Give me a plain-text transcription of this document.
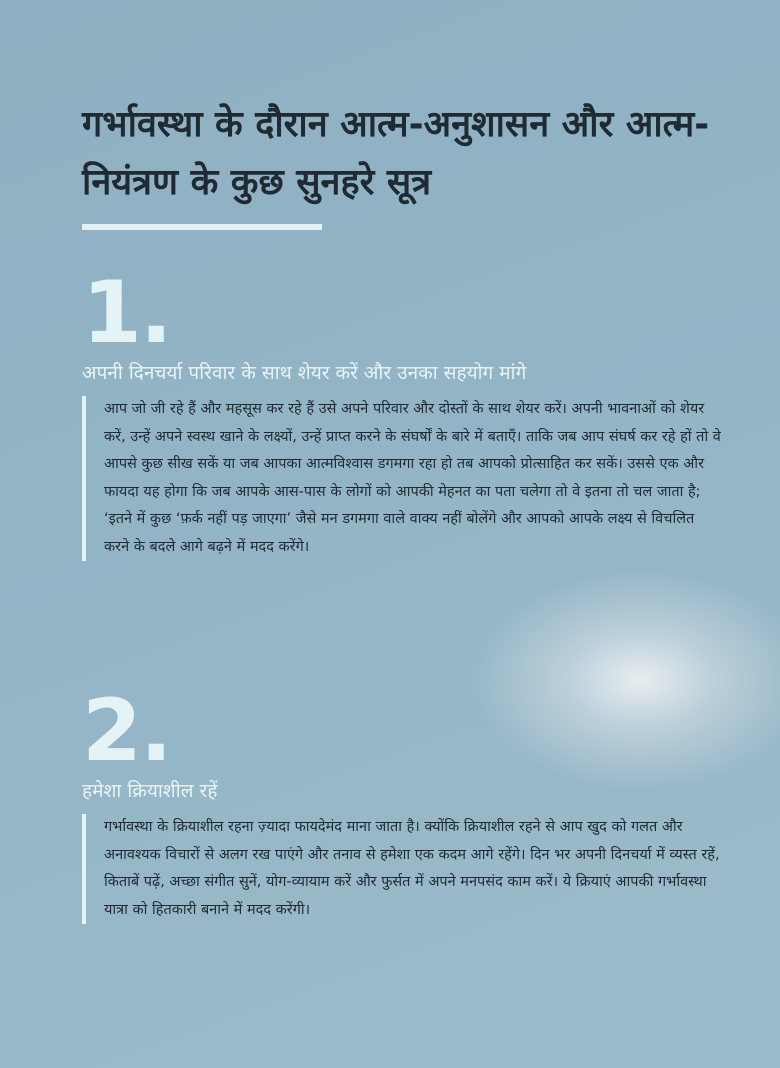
गर्भावस्था के दौरान आत्म-अनुशासन और आत्म-नियंत्रण के कुछ सुनहरे सूत्र
1.
अपनी दिनचर्या परिवार के साथ शेयर करें और उनका सहयोग मांगे
आप जो जी रहे हैं और महसूस कर रहे हैं उसे अपने परिवार और दोस्तों के साथ शेयर करें। अपनी भावनाओं को शेयर करें, उन्हें अपने स्वस्थ खाने के लक्ष्यों, उन्हें प्राप्त करने के संघर्षों के बारे में बताएँ। ताकि जब आप संघर्ष कर रहे हों तो वे आपसे कुछ सीख सकें या जब आपका आत्मविश्वास डगमगा रहा हो तब आपको प्रोत्साहित कर सकें। उससे एक और फायदा यह होगा कि जब आपके आस-पास के लोगों को आपकी मेहनत का पता चलेगा तो वे इतना तो चल जाता है; ‘इतने में कुछ ‘फ़र्क नहीं पड़ जाएगा’ जैसे मन डगमगा वाले वाक्य नहीं बोलेंगे और आपको आपके लक्ष्य से विचलित करने के बदले आगे बढ़ने में मदद करेंगे।
2.
हमेशा क्रियाशील रहें
गर्भावस्था के क्रियाशील रहना ज़्यादा फायदेमंद माना जाता है। क्योंकि क्रियाशील रहने से आप खुद को गलत और अनावश्यक विचारों से अलग रख पाएंगे और तनाव से हमेशा एक कदम आगे रहेंगे। दिन भर अपनी दिनचर्या में व्यस्त रहें, किताबें पढ़ें, अच्छा संगीत सुनें, योग-व्यायाम करें और फुर्सत में अपने मनपसंद काम करें। ये क्रियाएं आपकी गर्भावस्था यात्रा को हितकारी बनाने में मदद करेंगी।
